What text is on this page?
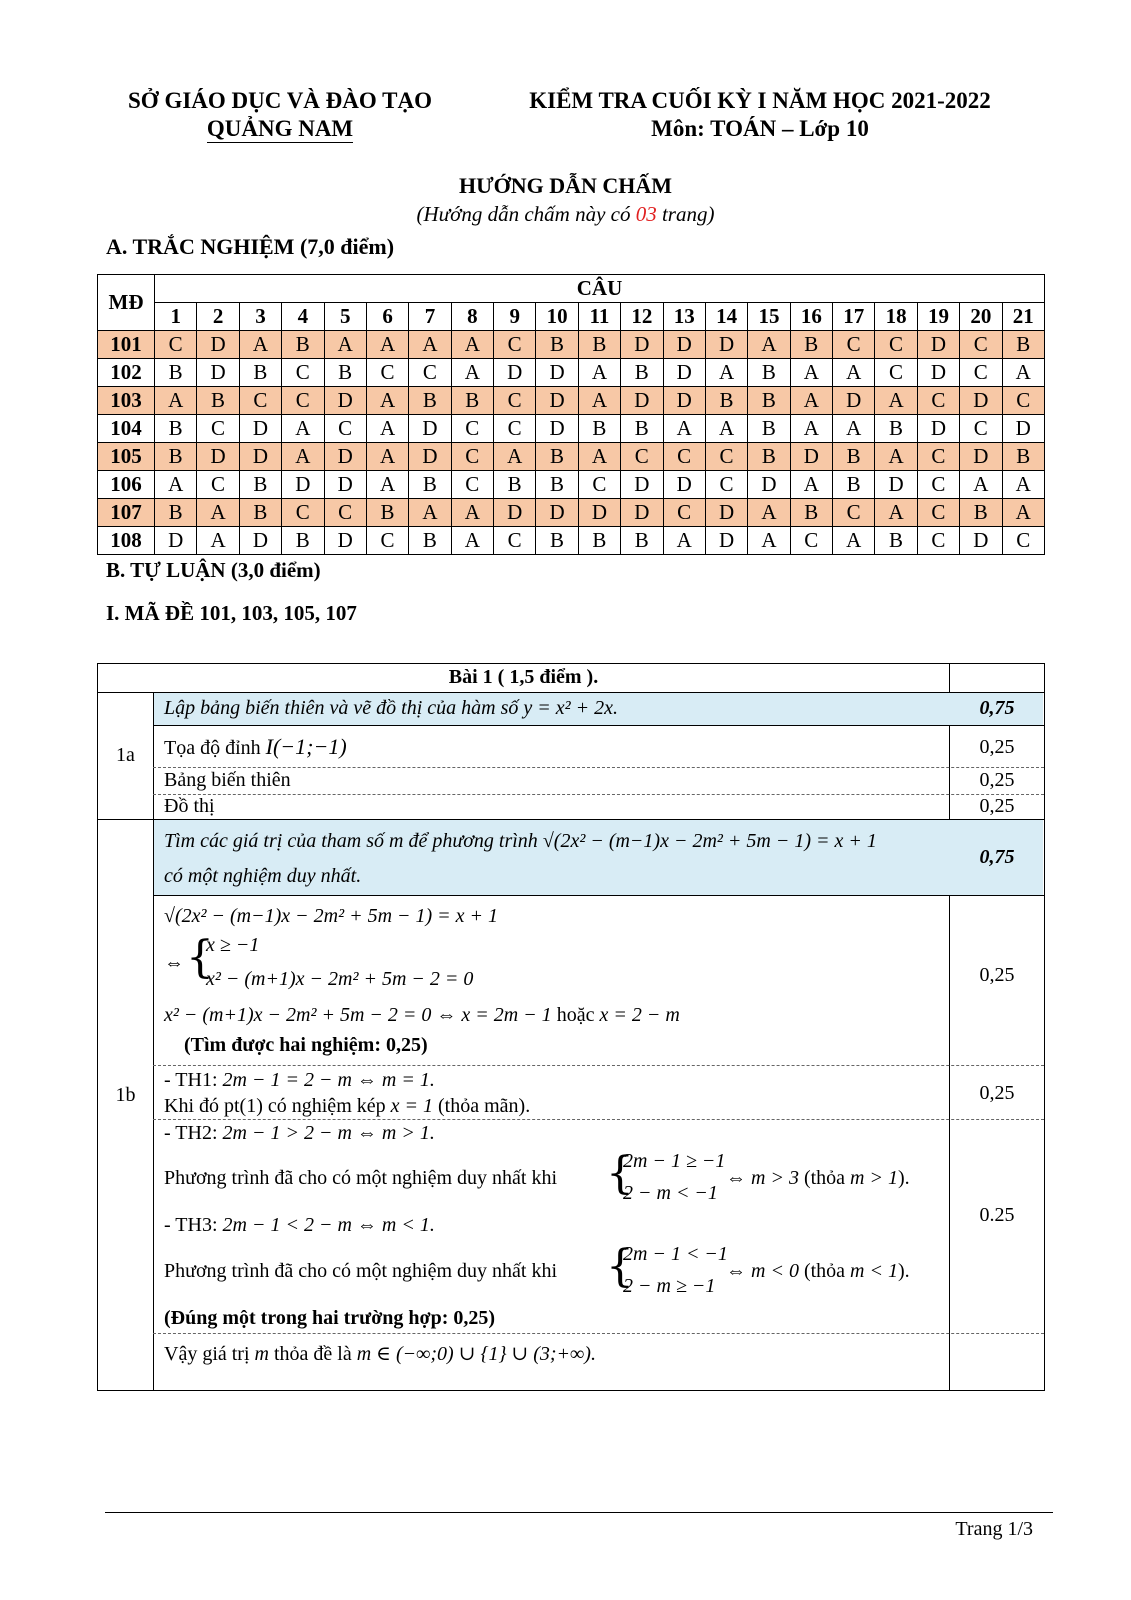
SỞ GIÁO DỤC VÀ ĐÀO TẠO
QUẢNG NAM
KIỂM TRA CUỐI KỲ I NĂM HỌC 2021-2022
Môn: TOÁN – Lớp 10
HƯỚNG DẪN CHẤM
(Hướng dẫn chấm này có 03 trang)
A. TRẮC NGHIỆM (7,0 điểm)
MĐ	CÂU																				
	1	2	3	4	5	6	7	8	9	10	11	12	13	14	15	16	17	18	19	20	21
101	C	D	A	B	A	A	A	A	C	B	B	D	D	D	A	B	C	C	D	C	B
102	B	D	B	C	B	C	C	A	D	D	A	B	D	A	B	A	A	C	D	C	A
103	A	B	C	C	D	A	B	B	C	D	A	D	D	B	B	A	D	A	C	D	C
104	B	C	D	A	C	A	D	C	C	D	B	B	A	A	B	A	A	B	D	C	D
105	B	D	D	A	D	A	D	C	A	B	A	C	C	C	B	D	B	A	C	D	B
106	A	C	B	D	D	A	B	C	B	B	C	D	D	C	D	A	B	D	C	A	A
107	B	A	B	C	C	B	A	A	D	D	D	D	C	D	A	B	C	A	C	B	A
108	D	A	D	B	D	C	B	A	C	B	B	B	A	D	A	C	A	B	C	D	C
B. TỰ LUẬN (3,0 điểm)
I. MÃ ĐỀ 101, 103, 105, 107
Bài 1 ( 1,5 điểm ).
1a
Lập bảng biến thiên và vẽ đồ thị của hàm số y = x² + 2x.	0,75
Tọa độ đỉnh I(−1;−1)	0,25
Bảng biến thiên	0,25
Đồ thị	0,25
1b
Tìm các giá trị của tham số m để phương trình √(2x² − (m−1)x − 2m² + 5m − 1) = x + 1
có một nghiệm duy nhất.
0,75
√(2x² − (m−1)x − 2m² + 5m − 1) = x + 1
⇔ {
x ≥ −1
x² − (m+1)x − 2m² + 5m − 2 = 0
x² − (m+1)x − 2m² + 5m − 2 = 0 ⇔ x = 2m − 1 hoặc x = 2 − m
(Tìm được hai nghiệm: 0,25)
0,25
- TH1: 2m − 1 = 2 − m ⇔ m = 1.
Khi đó pt(1) có nghiệm kép x = 1 (thỏa mãn).
0,25
- TH2: 2m − 1 > 2 − m ⇔ m > 1.
Phương trình đã cho có một nghiệm duy nhất khi {
2m − 1 ≥ −1
2 − m < −1
⇔ m > 3 (thỏa m > 1).
- TH3: 2m − 1 < 2 − m ⇔ m < 1.
Phương trình đã cho có một nghiệm duy nhất khi {
2m − 1 < −1
2 − m ≥ −1
⇔ m < 0 (thỏa m < 1).
(Đúng một trong hai trường hợp: 0,25)
0.25
Vậy giá trị m thỏa đề là m ∈ (−∞;0) ∪ {1} ∪ (3;+∞).
Trang 1/3
